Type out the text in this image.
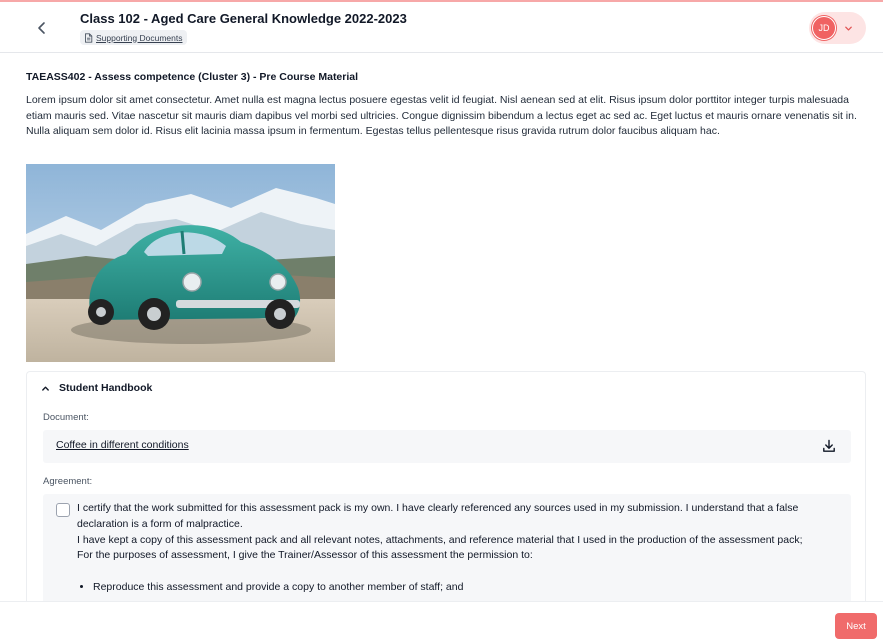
Class 102 - Aged Care General Knowledge 2022-2023
Supporting Documents
JD
TAEASS402 - Assess competence (Cluster 3) - Pre Course Material
Lorem ipsum dolor sit amet consectetur. Amet nulla est magna lectus posuere egestas velit id feugiat. Nisl aenean sed at elit. Risus ipsum dolor porttitor integer turpis malesuada etiam mauris sed. Vitae nascetur sit mauris diam dapibus vel morbi sed ultricies. Congue dignissim bibendum a lectus eget ac sed ac. Eget luctus et mauris ornare venenatis sit in. Nulla aliquam sem dolor id. Risus elit lacinia massa ipsum in fermentum. Egestas tellus pellentesque risus gravida rutrum dolor faucibus aliquam hac.
Student Handbook
Document:
Coffee in different conditions
Agreement:

I certify that the work submitted for this assessment pack is my own. I have clearly referenced any sources used in my submission. I understand that a false declaration is a form of malpractice.

I have kept a copy of this assessment pack and all relevant notes, attachments, and reference material that I used in the production of the assessment pack;

For the purposes of assessment, I give the Trainer/Assessor of this assessment the permission to:

• Reproduce this assessment and provide a copy to another member of staff; and
Next
